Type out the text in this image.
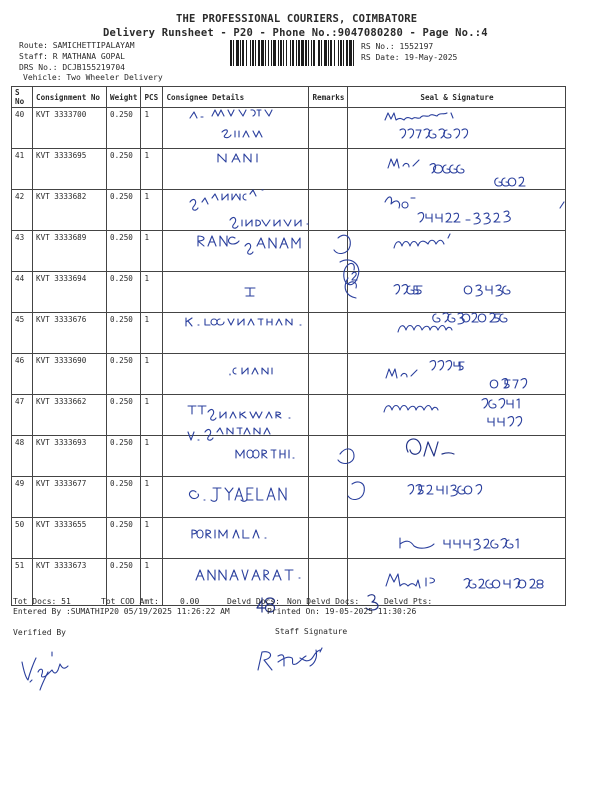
THE PROFESSIONAL COURIERS, COIMBATORE
Delivery Runsheet - P20 - Phone No.:9047080280 - Page No.:4
Route: SAMICHETTIPALAYAM
Staff: R MATHANA GOPAL
DRS No.: DCJB155219704
Vehicle: Two Wheeler Delivery
RS No.: 1552197
RS Date: 19-May-2025
S No	Consignment No	Weight	PCS	Consignee Details	Remarks	Seal & Signature
40	KVT 3333700	0.250	1			
41	KVT 3333695	0.250	1			
42	KVT 3333682	0.250	1			
43	KVT 3333689	0.250	1			
44	KVT 3333694	0.250	1			
45	KVT 3333676	0.250	1			
46	KVT 3333690	0.250	1			
47	KVT 3333662	0.250	1			
48	KVT 3333693	0.250	1			
49	KVT 3333677	0.250	1			
50	KVT 3333655	0.250	1			
51	KVT 3333673	0.250	1			
Tot Docs: 51	Tot COD Amt:	0.00	Delvd Docs: Non Delvd Docs:	Delvd Pts:
Entered By :SUMATHIP20 05/19/2025 11:26:22 AM	Printed On: 19-05-2025 11:30:26
Verified By	Staff Signature
